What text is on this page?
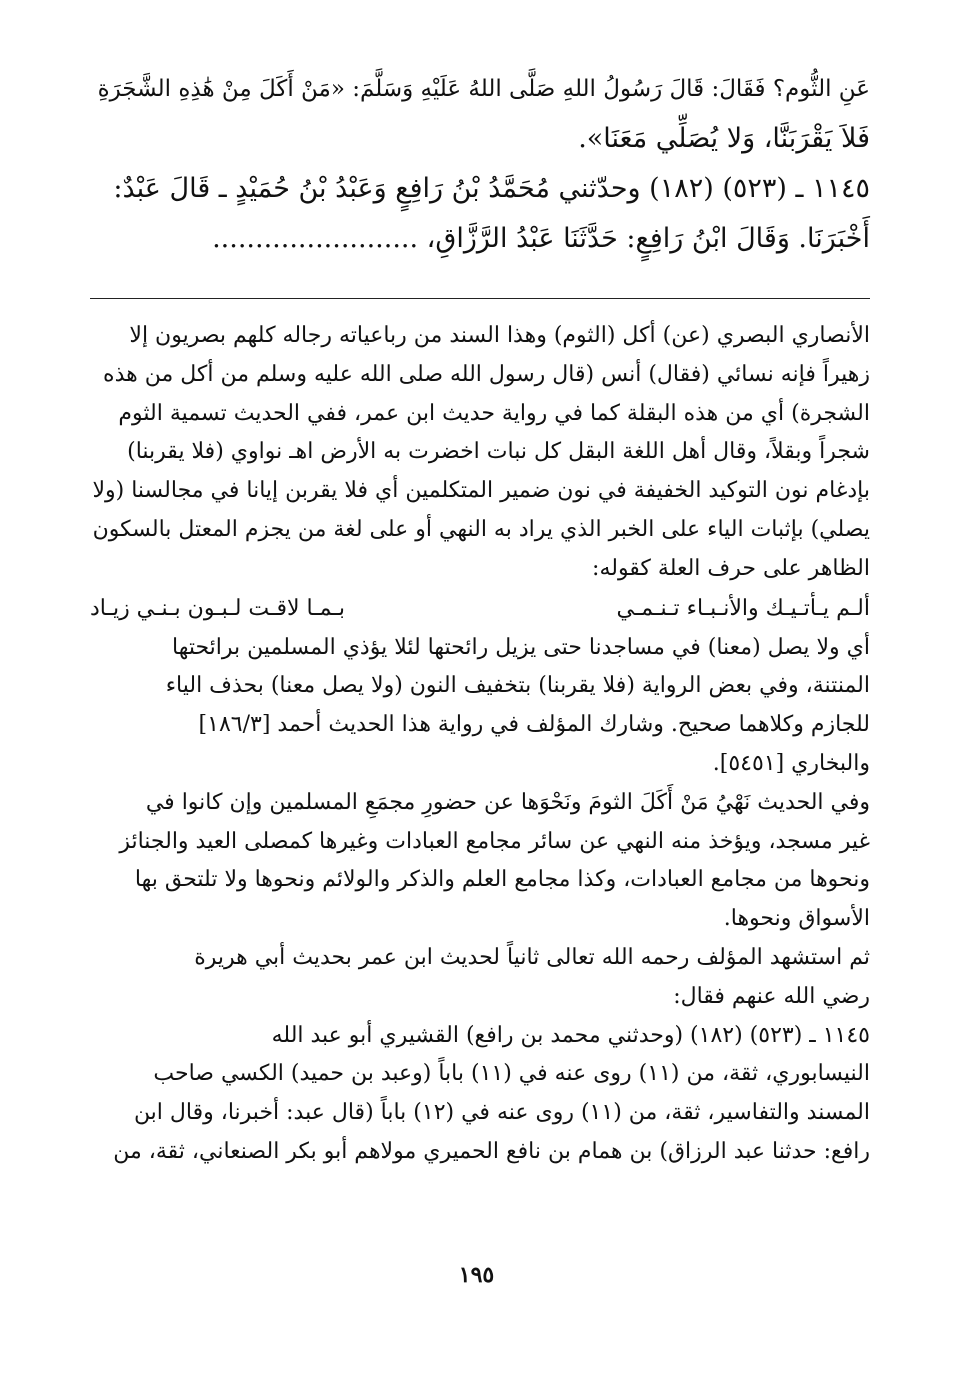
عَنِ الثُّوم؟ فَقَالَ: قَالَ رَسُولُ اللهِ صَلَّى اللهُ عَلَيْهِ وَسَلَّمَ: «مَنْ أَكَلَ مِنْ هَٰذِهِ الشَّجَرَةِ
فَلاَ يَقْرَبَنَّا، وَلا يُصَلِّي مَعَنَا».
١١٤٥ ـ (٥٢٣) (١٨٢) وحدّثني مُحَمَّدُ بْنُ رَافِعٍ وَعَبْدُ بْنُ حُمَيْدٍ ـ قَالَ عَبْدٌ:
أَخْبَرَنَا. وَقَالَ ابْنُ رَافِعٍ: حَدَّثَنَا عَبْدُ الرَّزَّاقِ، ........................
الأنصاري البصري (عن) أكل (الثوم) وهذا السند من رباعياته رجاله كلهم بصريون إلا
زهيراً فإنه نسائي (فقال) أنس (قال رسول الله صلى الله عليه وسلم من أكل من هذه
الشجرة) أي من هذه البقلة كما في رواية حديث ابن عمر، ففي الحديث تسمية الثوم
شجراً وبقلاً، وقال أهل اللغة البقل كل نبات اخضرت به الأرض اهـ نواوي (فلا يقربنا)
بإدغام نون التوكيد الخفيفة في نون ضمير المتكلمين أي فلا يقربن إيانا في مجالسنا (ولا
يصلي) بإثبات الياء على الخبر الذي يراد به النهي أو على لغة من يجزم المعتل بالسكون
الظاهر على حرف العلة كقوله:
ألـم يـأتـيـك والأنـبـاء تـنـمـي
بـمـا لاقـت لـبـون بـنـي زيـاد
أي ولا يصل (معنا) في مساجدنا حتى يزيل رائحتها لئلا يؤذي المسلمين برائحتها
المنتنة، وفي بعض الرواية (فلا يقربنا) بتخفيف النون (ولا يصل معنا) بحذف الياء
للجازم وكلاهما صحيح. وشارك المؤلف في رواية هذا الحديث أحمد [١٨٦/٣]
والبخاري [٥٤٥١].
وفي الحديث نَهْيُ مَنْ أَكَلَ الثومَ ونَحْوَها عن حضورِ مجمَعِ المسلمين وإن كانوا في
غير مسجد، ويؤخذ منه النهي عن سائر مجامع العبادات وغيرها كمصلى العيد والجنائز
ونحوها من مجامع العبادات، وكذا مجامع العلم والذكر والولائم ونحوها ولا تلتحق بها
الأسواق ونحوها.
ثم استشهد المؤلف رحمه الله تعالى ثانياً لحديث ابن عمر بحديث أبي هريرة
رضي الله عنهم فقال:
١١٤٥ ـ (٥٢٣) (١٨٢) (وحدثني محمد بن رافع) القشيري أبو عبد الله
النيسابوري، ثقة، من (١١) روى عنه في (١١) باباً (وعبد بن حميد) الكسي صاحب
المسند والتفاسير، ثقة، من (١١) روى عنه في (١٢) باباً (قال عبد: أخبرنا، وقال ابن
رافع: حدثنا عبد الرزاق) بن همام بن نافع الحميري مولاهم أبو بكر الصنعاني، ثقة، من
١٩٥
